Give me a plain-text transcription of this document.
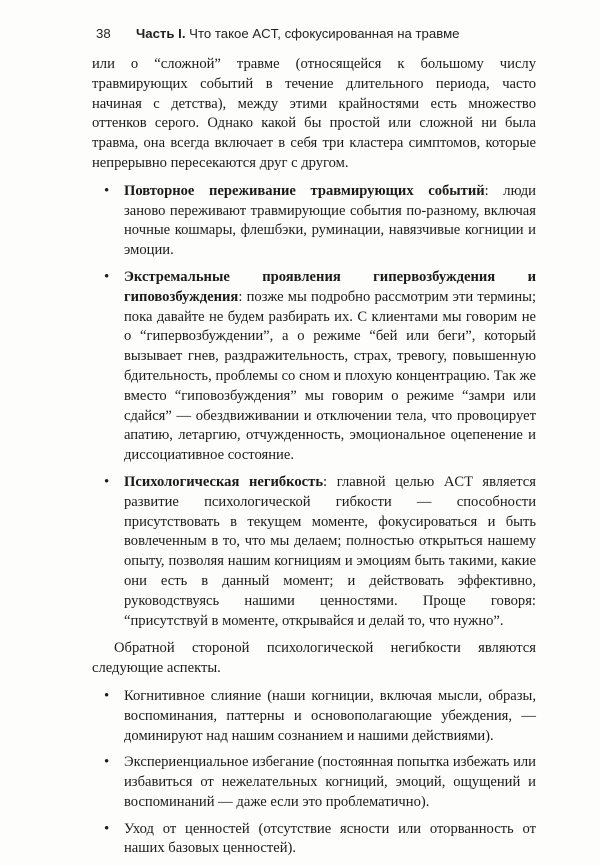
38 Часть I. Что такое ACT, сфокусированная на травме

или о “сложной” травме (относящейся к большому числу травмирующих событий в течение длительного периода, часто начиная с детства), между этими крайностями есть множество оттенков серого. Однако какой бы простой или сложной ни была травма, она всегда включает в себя три кластера симптомов, которые непрерывно пересекаются друг с другом.

• Повторное переживание травмирующих событий: люди заново переживают травмирующие события по-разному, включая ночные кошмары, флешбэки, руминации, навязчивые когниции и эмоции.
• Экстремальные проявления гипервозбуждения и гиповозбуждения: позже мы подробно рассмотрим эти термины; пока давайте не будем разбирать их. С клиентами мы говорим не о “гипервозбуждении”, а о режиме “бей или беги”, который вызывает гнев, раздражительность, страх, тревогу, повышенную бдительность, проблемы со сном и плохую концентрацию. Так же вместо “гиповозбуждения” мы говорим о режиме “замри или сдайся” — обездвиживании и отключении тела, что провоцирует апатию, летаргию, отчужденность, эмоциональное оцепенение и диссоциативное состояние.
• Психологическая негибкость: главной целью ACT является развитие психологической гибкости — способности присутствовать в текущем моменте, фокусироваться и быть вовлеченным в то, что мы делаем; полностью открыться нашему опыту, позволяя нашим когнициям и эмоциям быть такими, какие они есть в данный момент; и действовать эффективно, руководствуясь нашими ценностями. Проще говоря: “присутствуй в моменте, открывайся и делай то, что нужно”.

Обратной стороной психологической негибкости являются следующие аспекты.

• Когнитивное слияние (наши когниции, включая мысли, образы, воспоминания, паттерны и основополагающие убеждения, — доминируют над нашим сознанием и нашими действиями).
• Экспериенциальное избегание (постоянная попытка избежать или избавиться от нежелательных когниций, эмоций, ощущений и воспоминаний — даже если это проблематично).
• Уход от ценностей (отсутствие ясности или оторванность от наших базовых ценностей).
